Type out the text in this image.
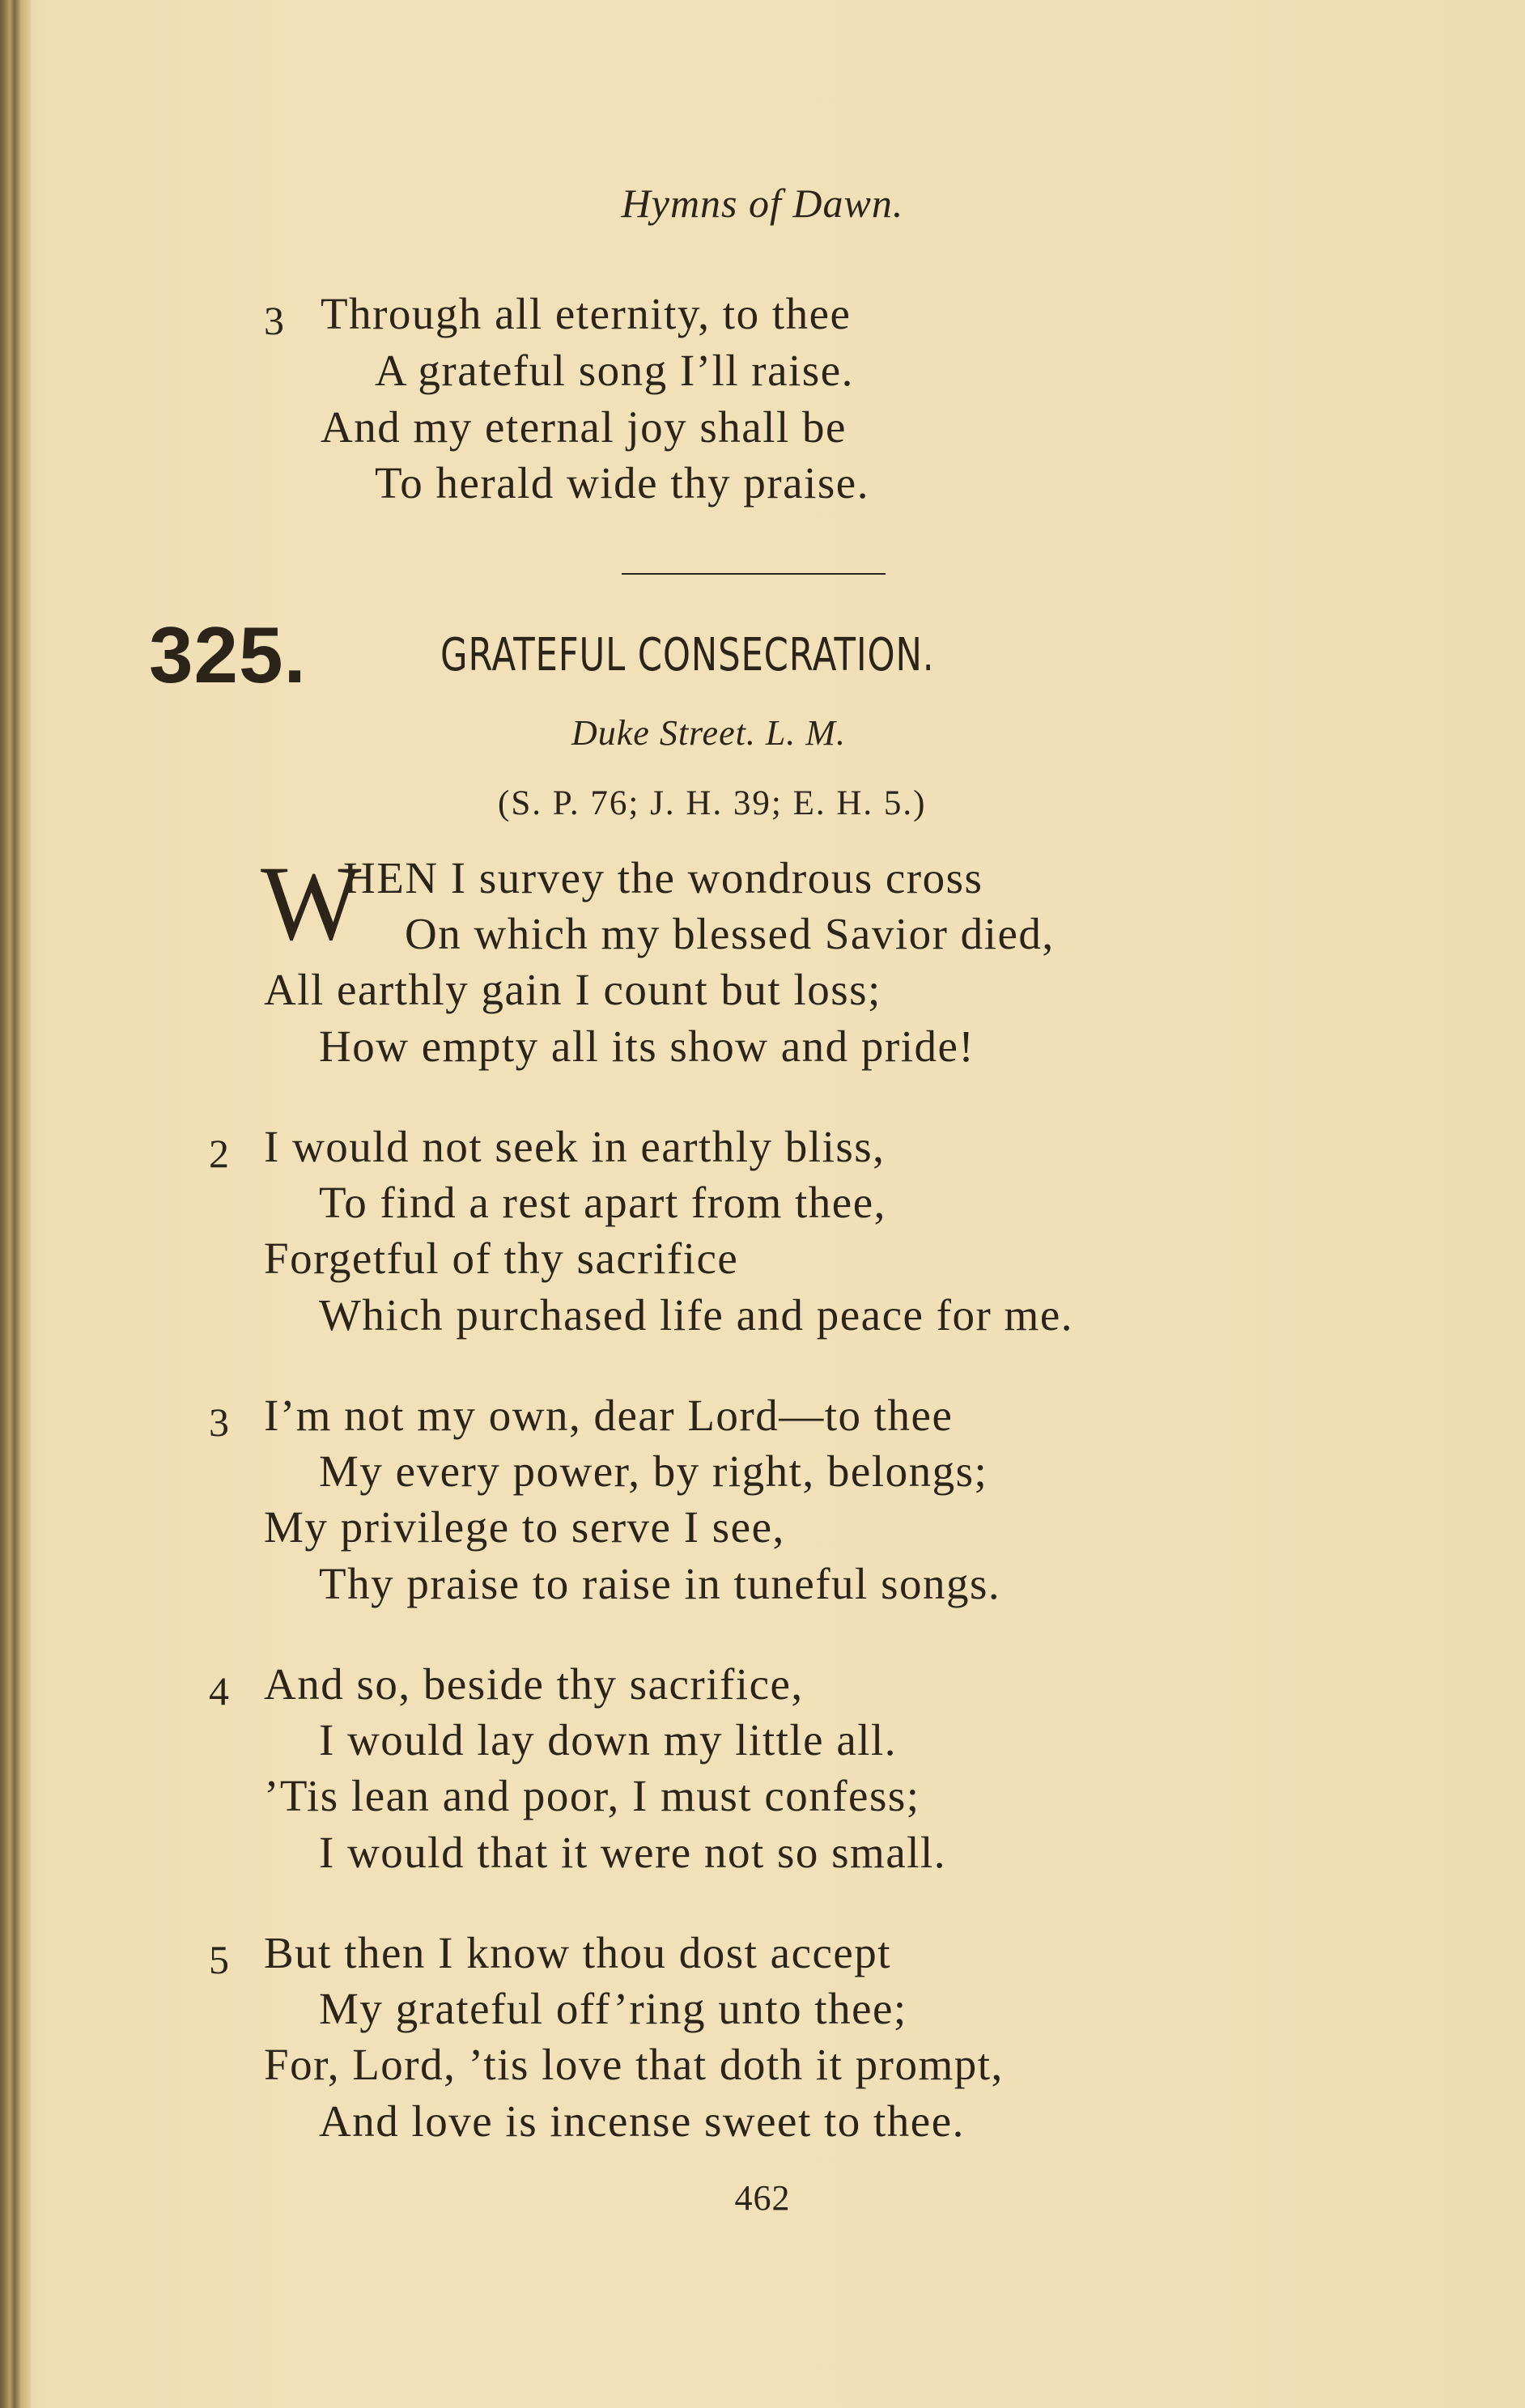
Hymns of Dawn.
3 Through all eternity, to thee
A grateful song I’ll raise.
And my eternal joy shall be
To herald wide thy praise.
325.	GRATEFUL CONSECRATION.
Duke Street. L. M.
(S. P. 76; J. H. 39; E. H. 5.)
W
HEN I survey the wondrous cross
On which my blessed Savior died,
All earthly gain I count but loss;
How empty all its show and pride!
2 I would not seek in earthly bliss,
To find a rest apart from thee,
Forgetful of thy sacrifice
Which purchased life and peace for me.
3 I’m not my own, dear Lord—to thee
My every power, by right, belongs;
My privilege to serve I see,
Thy praise to raise in tuneful songs.
4 And so, beside thy sacrifice,
I would lay down my little all.
’Tis lean and poor, I must confess;
I would that it were not so small.
5 But then I know thou dost accept
My grateful off’ring unto thee;
For, Lord, ’tis love that doth it prompt,
And love is incense sweet to thee.
462
